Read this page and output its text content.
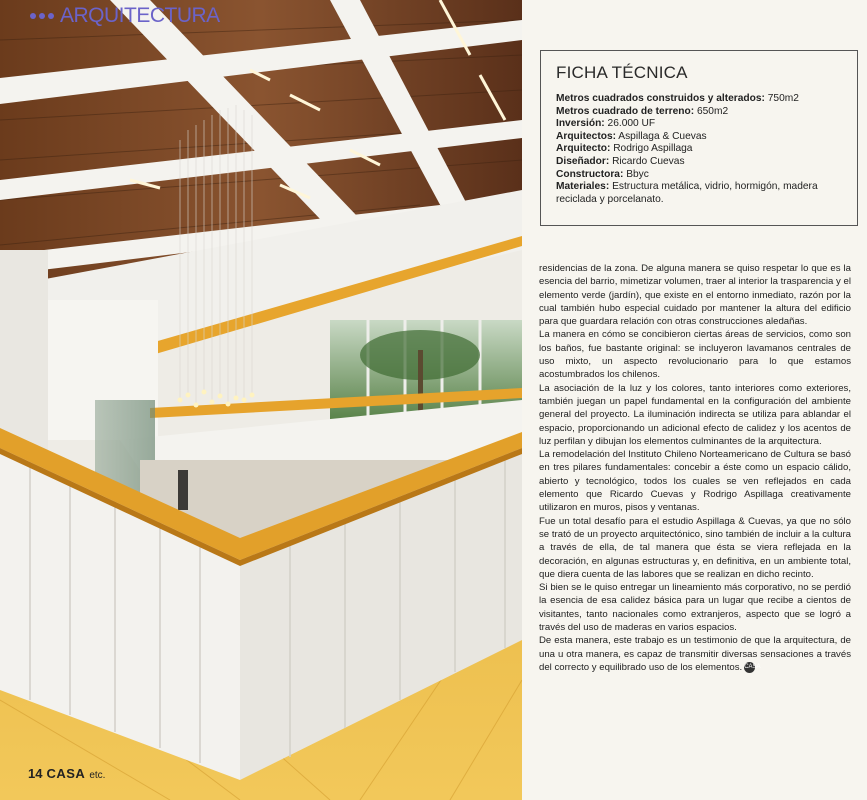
ARQUITECTURA
14 CASA etc.
FICHA TÉCNICA
Metros cuadrados construidos y alterados: 750m2
Metros cuadrado de terreno: 650m2
Inversión: 26.000 UF
Arquitectos: Aspillaga & Cuevas
Arquitecto: Rodrigo Aspillaga
Diseñador: Ricardo Cuevas
Constructora: Bbyc
Materiales: Estructura metálica, vidrio, hormigón, madera reciclada y porcelanato.

residencias de la zona. De alguna manera se quiso respetar lo que es la esencia del barrio, mimetizar volumen, traer al interior la trasparencia y el elemento verde (jardín), que existe en el entorno inmediato, razón por la cual también hubo especial cuidado por mantener la altura del edificio para que guardara relación con otras construcciones aledañas.

La manera en cómo se concibieron ciertas áreas de servicios, como son los baños, fue bastante original: se incluyeron lavamanos centrales de uso mixto, un aspecto revolucionario para lo que estamos acostumbrados los chilenos.

La asociación de la luz y los colores, tanto interiores como exteriores, también juegan un papel fundamental en la configuración del ambiente general del proyecto. La iluminación indirecta se utiliza para ablandar el espacio, proporcionando un adicional efecto de calidez y los acentos de luz perfilan y dibujan los elementos culminantes de la arquitectura.

La remodelación del Instituto Chileno Norteamericano de Cultura se basó en tres pilares fundamentales: concebir a éste como un espacio cálido, abierto y tecnológico, todos los cuales se ven reflejados en cada elemento que Ricardo Cuevas y Rodrigo Aspillaga creativamente utilizaron en muros, pisos y ventanas.

Fue un total desafío para el estudio Aspillaga & Cuevas, ya que no sólo se trató de un proyecto arquitectónico, sino también de incluir a la cultura a través de ella, de tal manera que ésta se viera reflejada en la decoración, en algunas estructuras y, en definitiva, en un ambiente total, que diera cuenta de las labores que se realizan en dicho recinto.

Si bien se le quiso entregar un lineamiento más corporativo, no se perdió la esencia de esa calidez básica para un lugar que recibe a cientos de visitantes, tanto nacionales como extranjeros, aspecto que se logró a través del uso de maderas en varios espacios.

De esta manera, este trabajo es un testimonio de que la arquitectura, de una u otra manera, es capaz de transmitir diversas sensaciones a través del correcto y equilibrado uso de los elementos. CASA
